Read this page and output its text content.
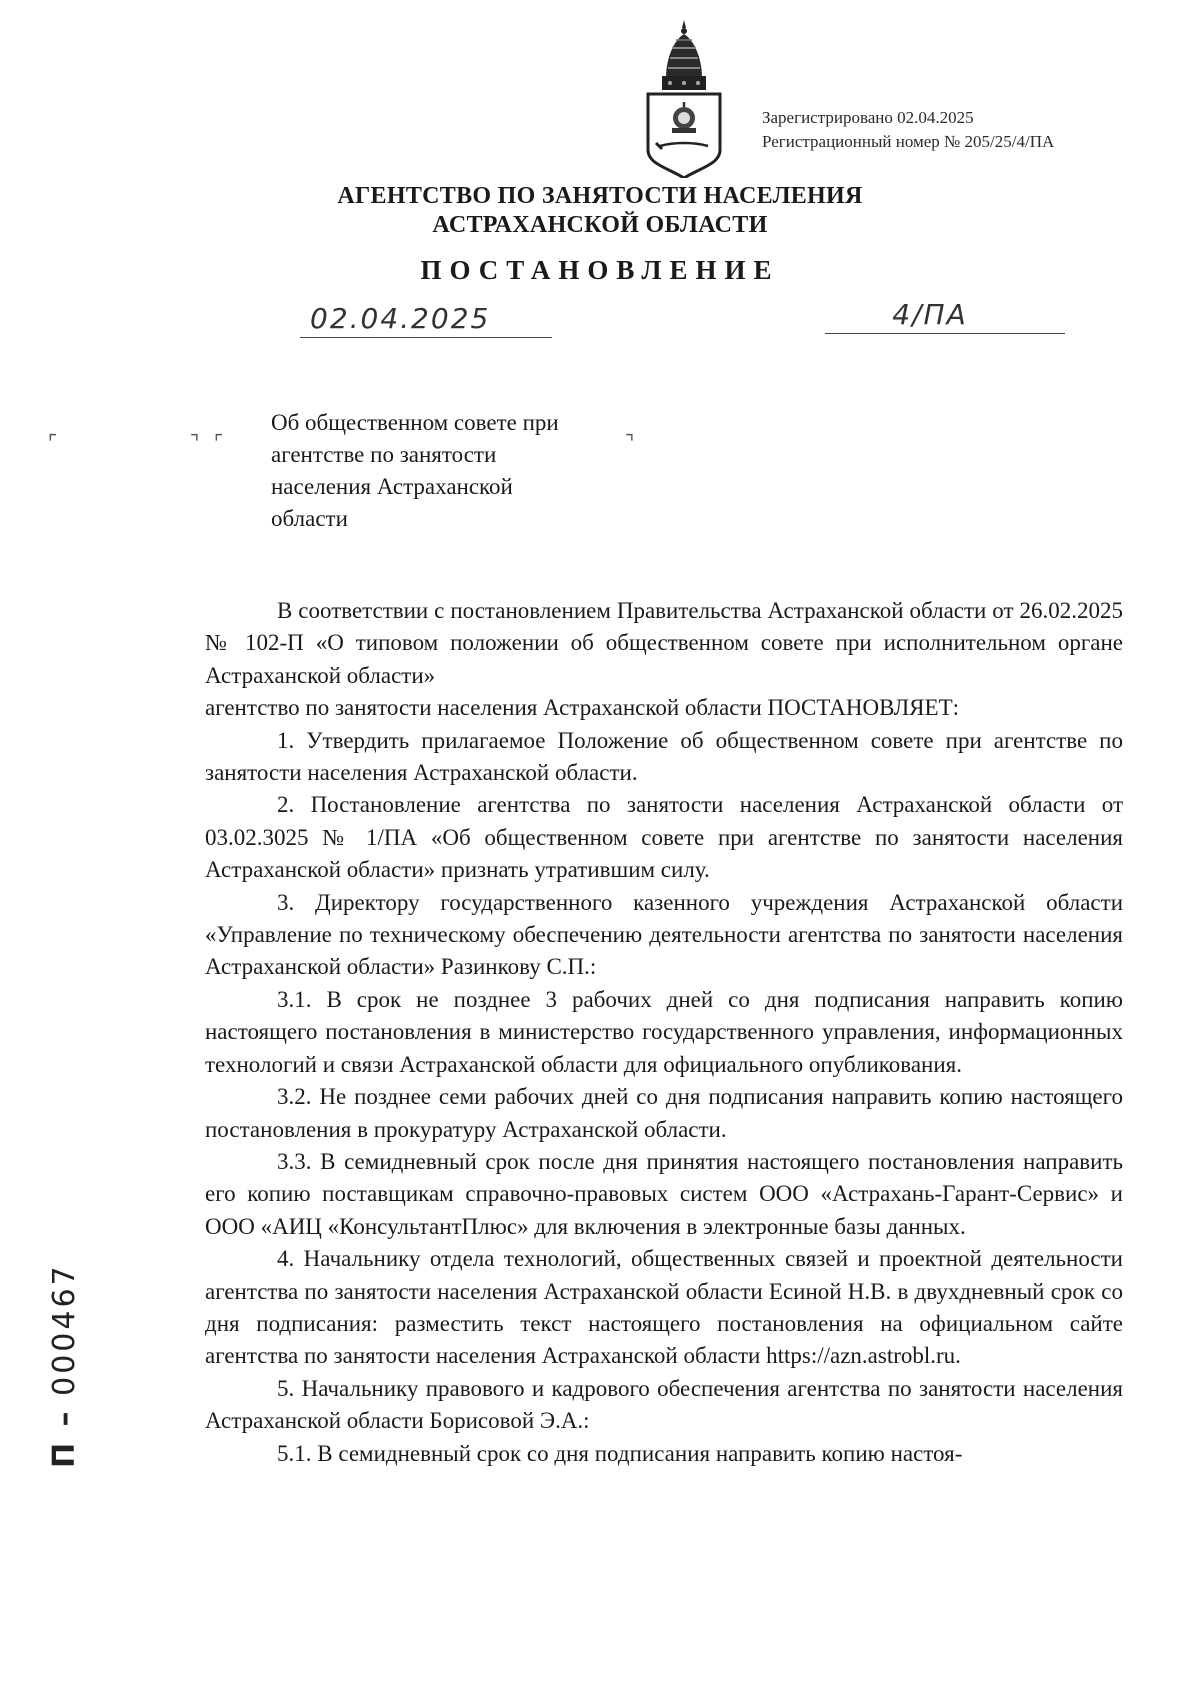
Зарегистрировано 02.04.2025
Регистрационный номер № 205/25/4/ПА
АГЕНТСТВО ПО ЗАНЯТОСТИ НАСЕЛЕНИЯ
АСТРАХАНСКОЙ ОБЛАСТИ
ПОСТАНОВЛЕНИЕ
02.04.2025	4/ПА
⌜	⌝ ⌜	⌝
Об общественном совете при
агентстве по занятости
населения Астраханской
области

В соответствии с постановлением Правительства Астраханской области от 26.02.2025 № 102-П «О типовом положении об общественном совете при исполнительном органе Астраханской области»

агентство по занятости населения Астраханской области ПОСТАНОВЛЯЕТ:

1. Утвердить прилагаемое Положение об общественном совете при агентстве по занятости населения Астраханской области.

2. Постановление агентства по занятости населения Астраханской области от 03.02.3025 № 1/ПА «Об общественном совете при агентстве по занятости населения Астраханской области» признать утратившим силу.

3. Директору государственного казенного учреждения Астраханской области «Управление по техническому обеспечению деятельности агентства по занятости населения Астраханской области» Разинкову С.П.:

3.1. В срок не позднее 3 рабочих дней со дня подписания направить копию настоящего постановления в министерство государственного управления, информационных технологий и связи Астраханской области для официального опубликования.

3.2. Не позднее семи рабочих дней со дня подписания направить копию настоящего постановления в прокуратуру Астраханской области.

3.3. В семидневный срок после дня принятия настоящего постановления направить его копию поставщикам справочно-правовых систем ООО «Астрахань-Гарант-Сервис» и ООО «АИЦ «КонсультантПлюс» для включения в электронные базы данных.

4. Начальнику отдела технологий, общественных связей и проектной деятельности агентства по занятости населения Астраханской области Есиной Н.В. в двухдневный срок со дня подписания: разместить текст настоящего постановления на официальном сайте агентства по занятости населения Астраханской области https://azn.astrobl.ru.

5. Начальнику правового и кадрового обеспечения агентства по занятости населения Астраханской области Борисовой Э.А.:

5.1. В семидневный срок со дня подписания направить копию настоя-

П – 000467
